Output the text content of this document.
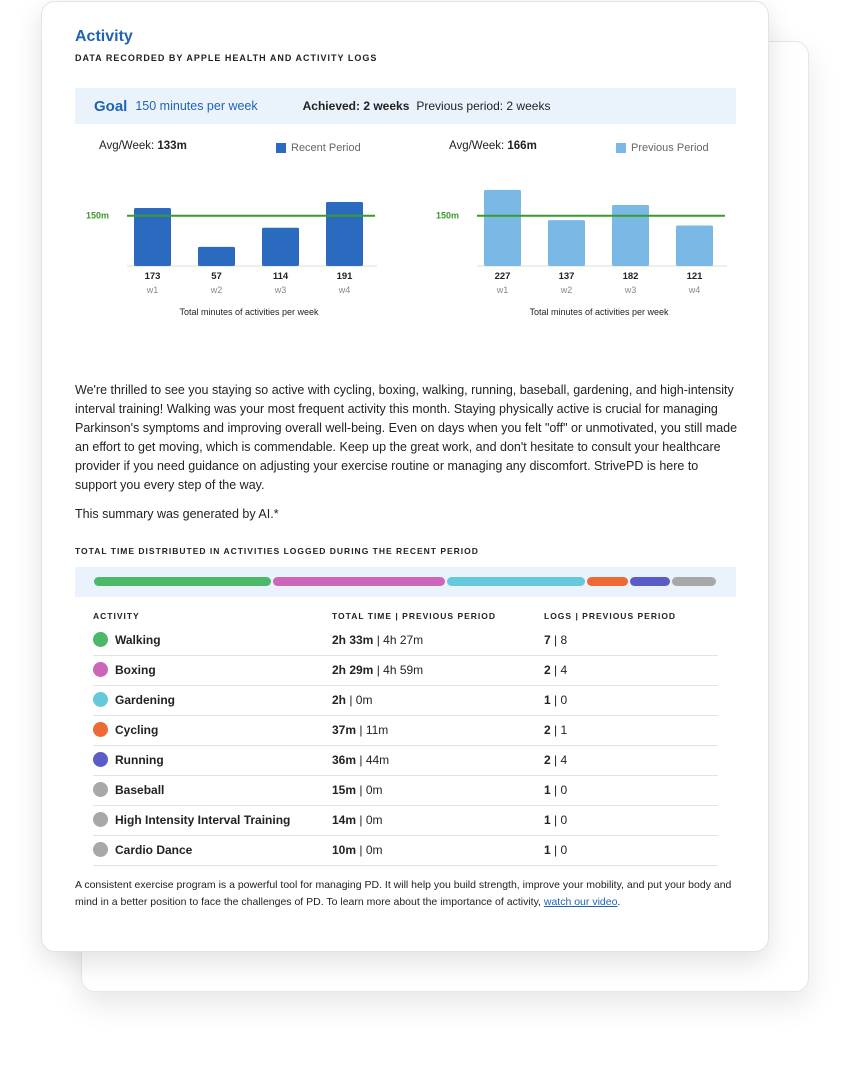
Activity
DATA RECORDED BY APPLE HEALTH AND ACTIVITY LOGS
Goal 150 minutes per week	Achieved: 2 weeks Previous period: 2 weeks
Avg/Week: 133m	Recent Period	Avg/Week: 166m	Previous Period
173
w1
57
w2
114
w3
191
w4
150m
Total minutes of activities per week
227
w1
137
w2
182
w3
121
w4
150m
Total minutes of activities per week
We're thrilled to see you staying so active with cycling, boxing, walking, running, baseball, gardening, and high-intensity interval training! Walking was your most frequent activity this month. Staying physically active is crucial for managing Parkinson's symptoms and improving overall well-being. Even on days when you felt "off" or unmotivated, you still made an effort to get moving, which is commendable. Keep up the great work, and don't hesitate to consult your healthcare provider if you need guidance on adjusting your exercise routine or managing any discomfort. StrivePD is here to support you every step of the way.
This summary was generated by AI.*
TOTAL TIME DISTRIBUTED IN ACTIVITIES LOGGED DURING THE RECENT PERIOD
ACTIVITY	TOTAL TIME | PREVIOUS PERIOD	LOGS | PREVIOUS PERIOD
Walking	2h 33m | 4h 27m	7 | 8
Boxing	2h 29m | 4h 59m	2 | 4
Gardening	2h | 0m	1 | 0
Cycling	37m | 11m	2 | 1
Running	36m | 44m	2 | 4
Baseball	15m | 0m	1 | 0
High Intensity Interval Training	14m | 0m	1 | 0
Cardio Dance	10m | 0m	1 | 0
A consistent exercise program is a powerful tool for managing PD. It will help you build strength, improve your mobility, and put your body and mind in a better position to face the challenges of PD. To learn more about the importance of activity, watch our video.
